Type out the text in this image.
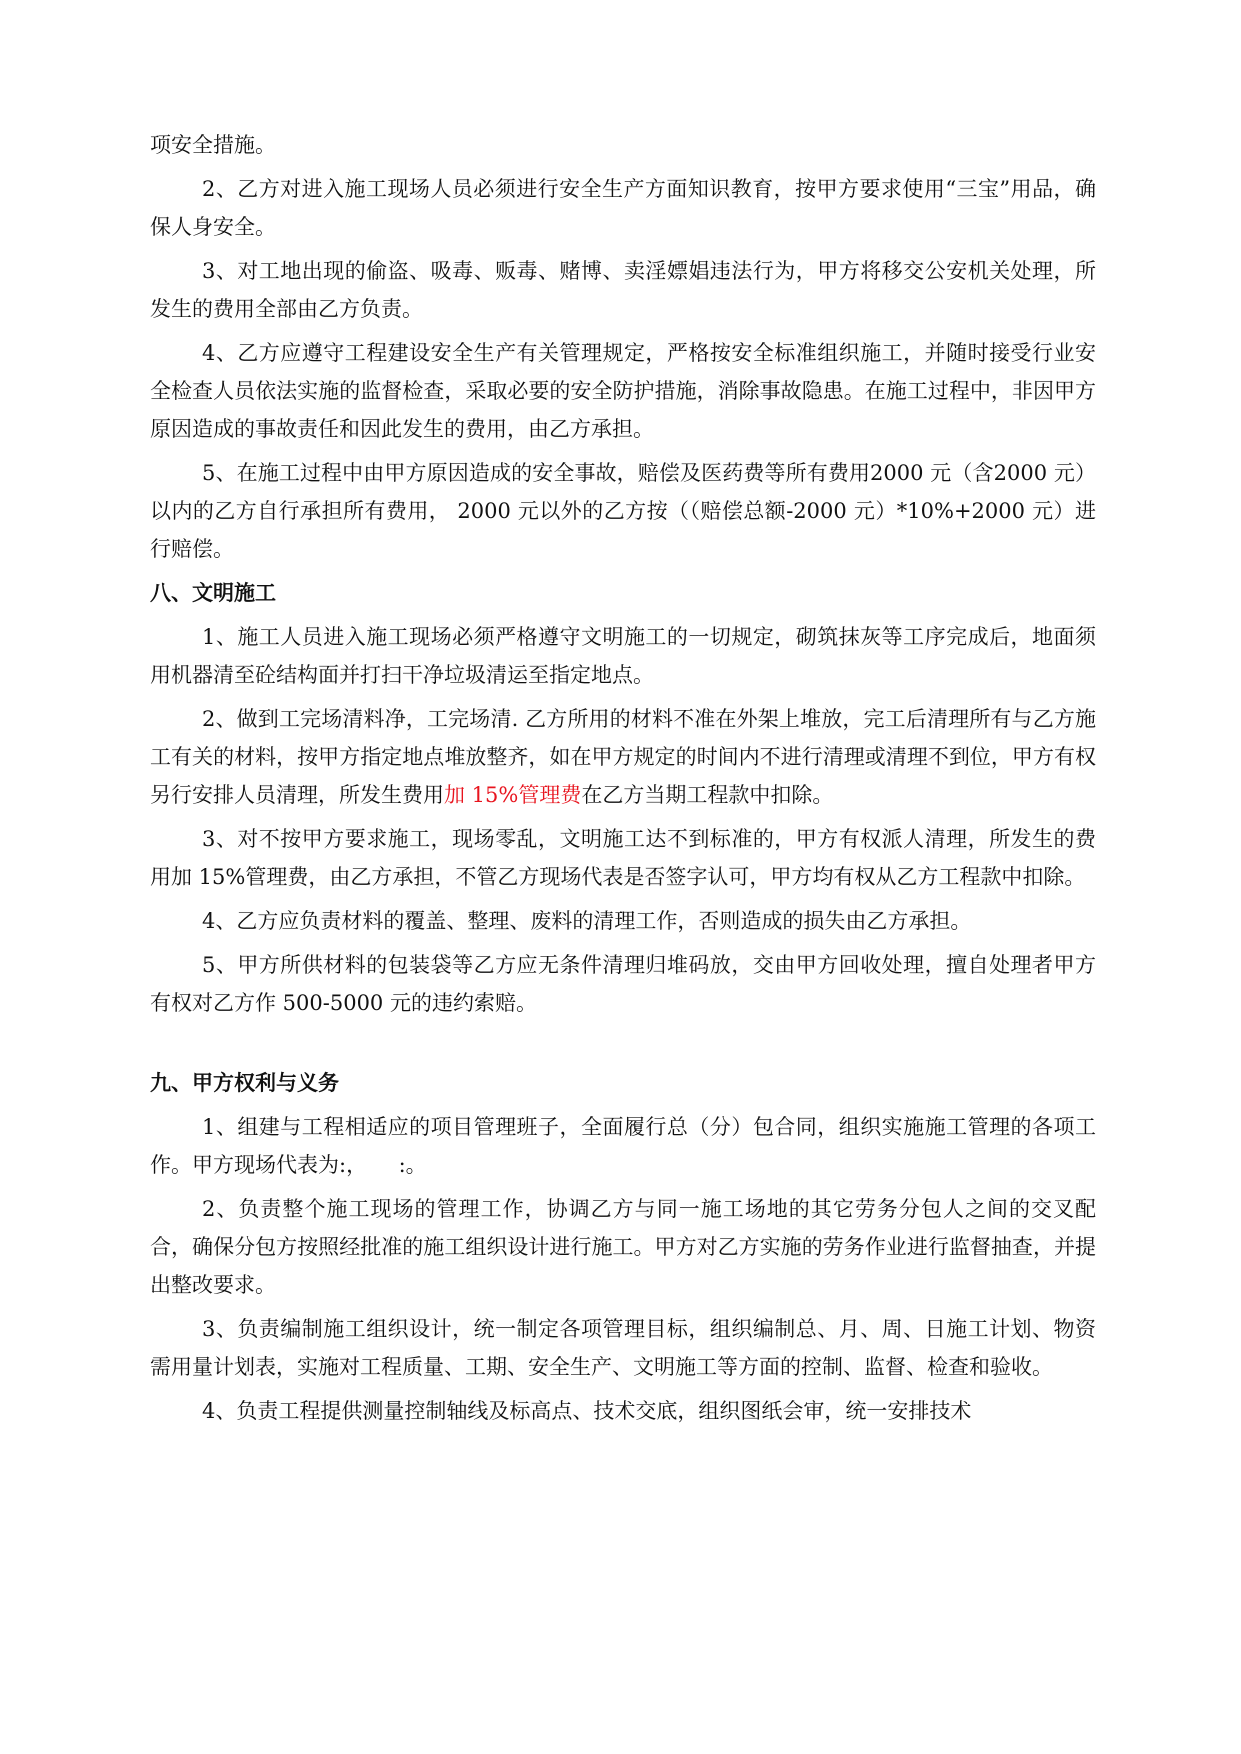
项安全措施。

2、乙方对进入施工现场人员必须进行安全生产方面知识教育，按甲方要求使用“三宝”用品，确保人身安全。

3、对工地出现的偷盗、吸毒、贩毒、赌博、卖淫嫖娼违法行为，甲方将移交公安机关处理，所发生的费用全部由乙方负责。

4、乙方应遵守工程建设安全生产有关管理规定，严格按安全标准组织施工，并随时接受行业安全检查人员依法实施的监督检查，采取必要的安全防护措施，消除事故隐患。在施工过程中，非因甲方原因造成的事故责任和因此发生的费用，由乙方承担。

5、在施工过程中由甲方原因造成的安全事故，赔偿及医药费等所有费用2000 元（含2000 元）以内的乙方自行承担所有费用， 2000 元以外的乙方按（（赔偿总额-2000 元）*10%+2000 元）进行赔偿。

八、文明施工

1、施工人员进入施工现场必须严格遵守文明施工的一切规定，砌筑抹灰等工序完成后，地面须用机器清至砼结构面并打扫干净垃圾清运至指定地点。

2、做到工完场清料净，工完场清. 乙方所用的材料不准在外架上堆放，完工后清理所有与乙方施工有关的材料，按甲方指定地点堆放整齐，如在甲方规定的时间内不进行清理或清理不到位，甲方有权另行安排人员清理，所发生费用加 15%管理费在乙方当期工程款中扣除。

3、对不按甲方要求施工，现场零乱，文明施工达不到标准的，甲方有权派人清理，所发生的费用加 15%管理费，由乙方承担，不管乙方现场代表是否签字认可，甲方均有权从乙方工程款中扣除。

4、乙方应负责材料的覆盖、整理、废料的清理工作，否则造成的损失由乙方承担。

5、甲方所供材料的包装袋等乙方应无条件清理归堆码放，交由甲方回收处理，擅自处理者甲方有权对乙方作 500-5000 元的违约索赔。

九、甲方权利与义务

1、组建与工程相适应的项目管理班子，全面履行总（分）包合同，组织实施施工管理的各项工作。甲方现场代表为:，　　:。

2、负责整个施工现场的管理工作，协调乙方与同一施工场地的其它劳务分包人之间的交叉配合，确保分包方按照经批准的施工组织设计进行施工。甲方对乙方实施的劳务作业进行监督抽查，并提出整改要求。

3、负责编制施工组织设计，统一制定各项管理目标，组织编制总、月、周、日施工计划、物资需用量计划表，实施对工程质量、工期、安全生产、文明施工等方面的控制、监督、检查和验收。

4、负责工程提供测量控制轴线及标高点、技术交底，组织图纸会审，统一安排技术
